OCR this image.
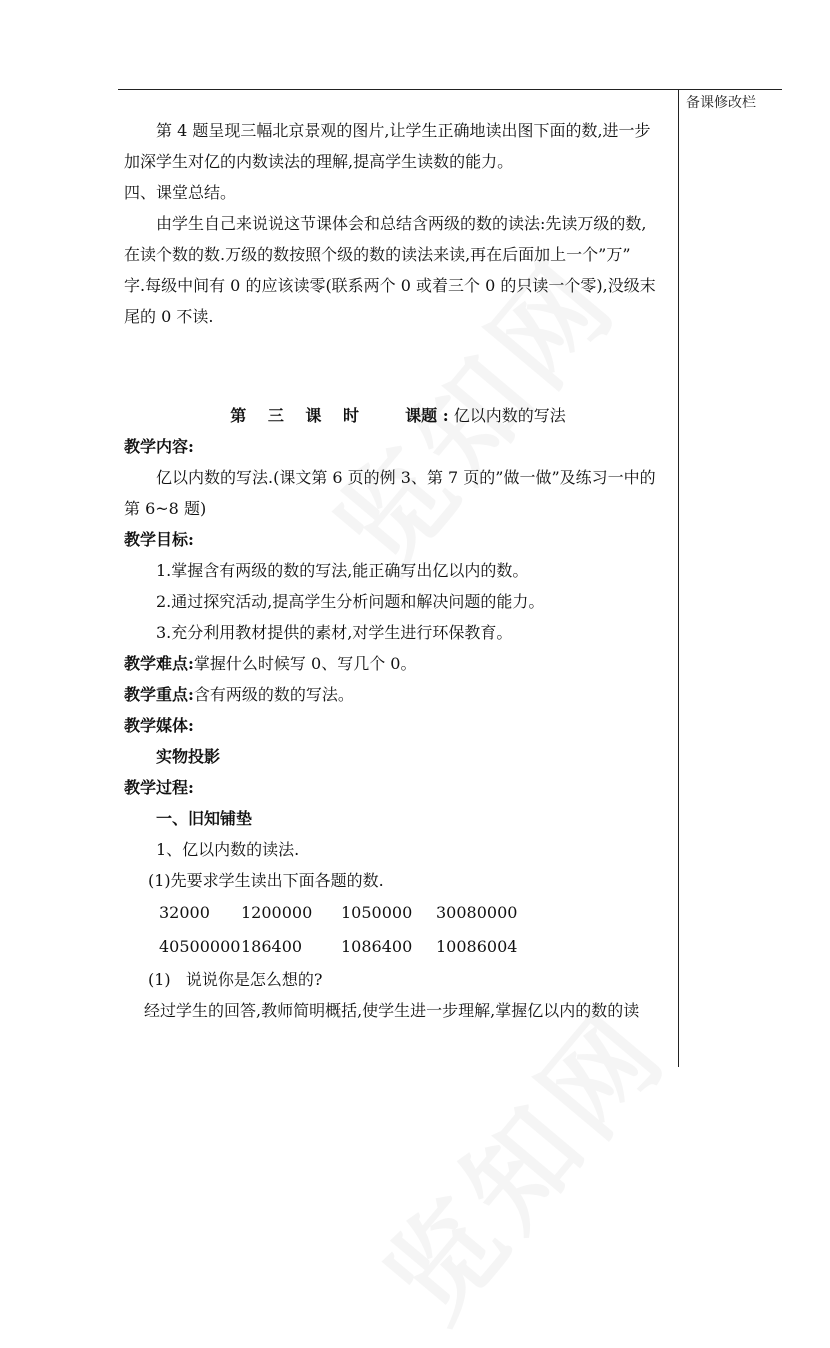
备课修改栏

第 4 题呈现三幅北京景观的图片,让学生正确地读出图下面的数,进一步

加深学生对亿的内数读法的理解,提高学生读数的能力。

四、课堂总结。

由学生自己来说说这节课体会和总结含两级的数的读法:先读万级的数,

在读个数的数.万级的数按照个级的数的读法来读,再在后面加上一个”万”

字.每级中间有 0 的应该读零(联系两个 0 或着三个 0 的只读一个零),没级末

尾的 0 不读.

第 三 课 时 课题 : 亿以内数的写法

教学内容:

亿以内数的写法.(课文第 6 页的例 3、第 7 页的”做一做”及练习一中的

第 6~8 题)

教学目标:

1.掌握含有两级的数的写法,能正确写出亿以内的数。

2.通过探究活动,提高学生分析问题和解决问题的能力。

3.充分利用教材提供的素材,对学生进行环保教育。

教学难点:掌握什么时候写 0、写几个 0。

教学重点:含有两级的数的写法。

教学媒体:

实物投影

教学过程:

一、旧知铺垫

1、亿以内数的读法.

(1)先要求学生读出下面各题的数.

32000	1200000	1050000	30080000
40500000 186400	1086400	10086004

(1)   说说你是怎么想的?

经过学生的回答,教师简明概括,使学生进一步理解,掌握亿以内的数的读
